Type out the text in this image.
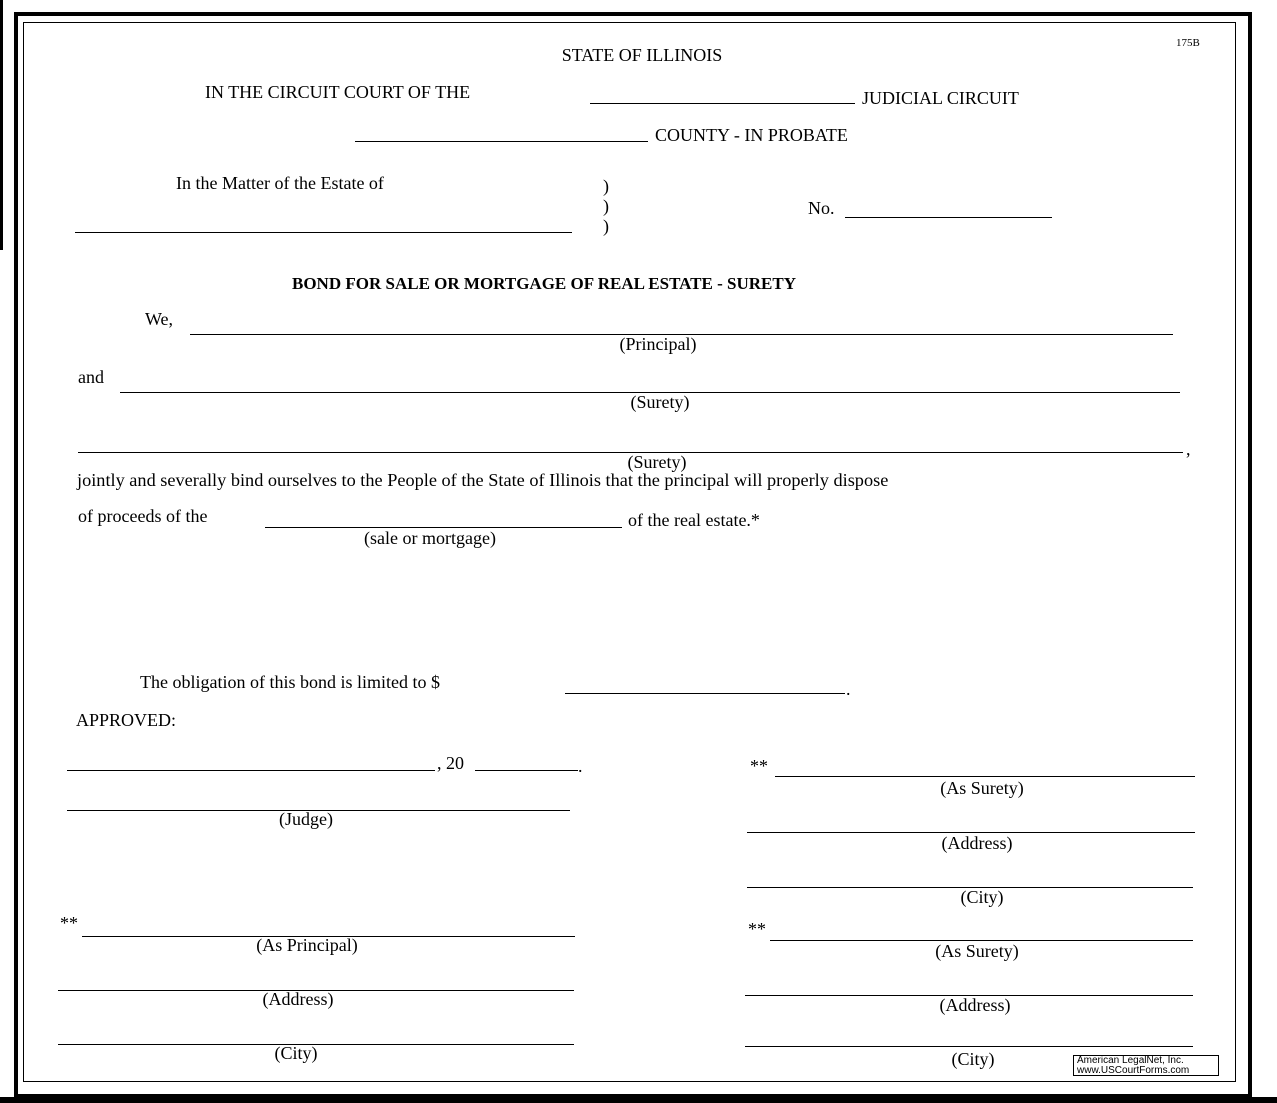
175B
STATE OF ILLINOIS
IN THE CIRCUIT COURT OF THE	JUDICIAL CIRCUIT
COUNTY - IN PROBATE
In the Matter of the Estate of	)
)
)
No.
BOND FOR SALE OR MORTGAGE OF REAL ESTATE - SURETY
We,
(Principal)
and
(Surety)
,
(Surety)
jointly and severally bind ourselves to the People of the State of Illinois that the principal will properly dispose
of proceeds of the	of the real estate.*
(sale or mortgage)
The obligation of this bond is limited to $	.
APPROVED:
, 20	.
(Judge)
**
(As Surety)
(Address)
(City)
**
(As Surety)
(Address)
(City)
**
(As Principal)
(Address)
(City)	American LegalNet, Inc.
www.USCourtForms.com
